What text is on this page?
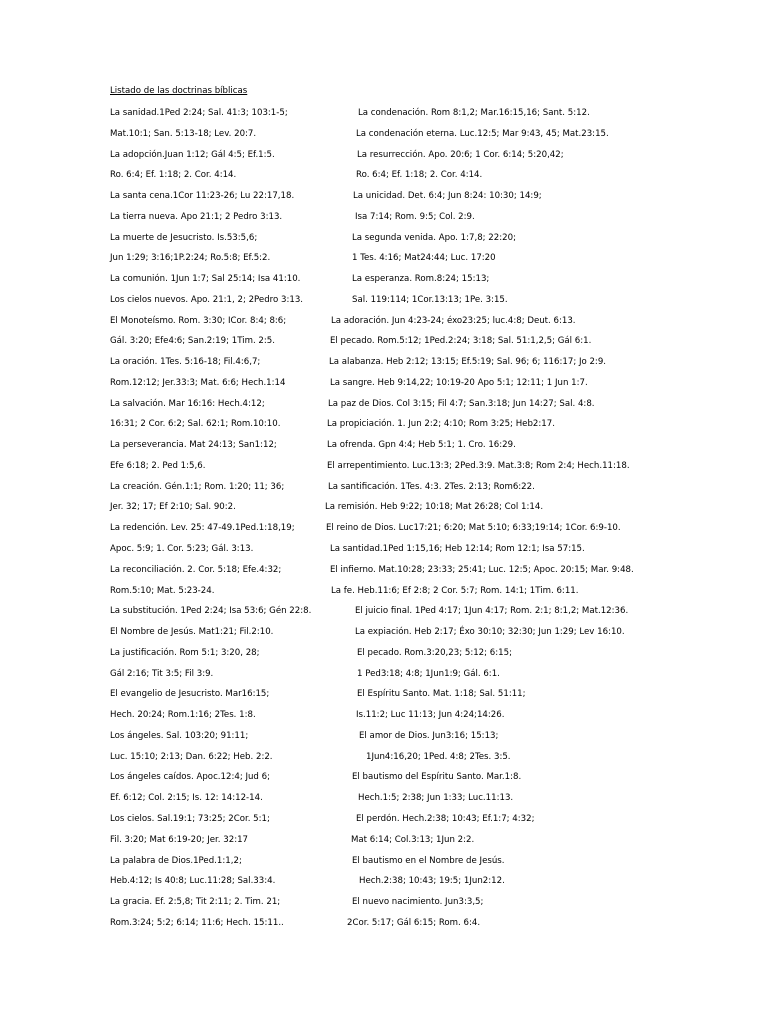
Listado de las doctrinas bíblicas
La sanidad.1Ped 2:24; Sal. 41:3; 103:1-5;
Mat.10:1; San. 5:13-18; Lev. 20:7.
La adopción.Juan 1:12; Gál 4:5; Ef.1:5.
Ro. 6:4; Ef. 1:18; 2. Cor. 4:14.
La santa cena.1Cor 11:23-26; Lu 22:17,18.
La tierra nueva. Apo 21:1; 2 Pedro 3:13.
La muerte de Jesucristo. Is.53:5,6;
Jun 1:29; 3:16;1P.2:24; Ro.5:8; Ef.5:2.
La comunión. 1Jun 1:7; Sal 25:14; Isa 41:10.
Los cielos nuevos. Apo. 21:1, 2; 2Pedro 3:13.
El Monoteísmo. Rom. 3:30; ICor. 8:4; 8:6;
Gál. 3:20; Efe4:6; San.2:19; 1Tim. 2:5.
La oración. 1Tes. 5:16-18; Fil.4:6,7;
Rom.12:12; Jer.33:3; Mat. 6:6; Hech.1:14
La salvación. Mar 16:16: Hech.4:12;
16:31; 2 Cor. 6:2; Sal. 62:1; Rom.10:10.
La perseverancia. Mat 24:13; San1:12;
Efe 6:18; 2. Ped 1:5,6.
La creación. Gén.1:1; Rom. 1:20; 11; 36;
Jer. 32; 17; Ef 2:10; Sal. 90:2.
La redención. Lev. 25: 47-49.1Ped.1:18,19;
Apoc. 5:9; 1. Cor. 5:23; Gál. 3:13.
La reconciliación. 2. Cor. 5:18; Efe.4:32;
Rom.5:10; Mat. 5:23-24.
La substitución. 1Ped 2:24; Isa 53:6; Gén 22:8.
El Nombre de Jesús. Mat1:21; Fil.2:10.
La justificación. Rom 5:1; 3:20, 28;
Gál 2:16; Tit 3:5; Fil 3:9.
El evangelio de Jesucristo. Mar16:15;
Hech. 20:24; Rom.1:16; 2Tes. 1:8.
Los ángeles. Sal. 103:20; 91:11;
Luc. 15:10; 2:13; Dan. 6:22; Heb. 2:2.
Los ángeles caídos. Apoc.12:4; Jud 6;
Ef. 6:12; Col. 2:15; Is. 12: 14:12-14.
Los cielos. Sal.19:1; 73:25; 2Cor. 5:1;
Fil. 3:20; Mat 6:19-20; Jer. 32:17
La palabra de Dios.1Ped.1:1,2;
Heb.4:12; Is 40:8; Luc.11:28; Sal.33:4.
La gracia. Ef. 2:5,8; Tit 2:11; 2. Tim. 21;
Rom.3:24; 5:2; 6:14; 11:6; Hech. 15:11..
La condenación. Rom 8:1,2; Mar.16:15,16; Sant. 5:12.
La condenación eterna. Luc.12:5; Mar 9:43, 45; Mat.23:15.
La resurrección. Apo. 20:6; 1 Cor. 6:14; 5:20,42;
Ro. 6:4; Ef. 1:18; 2. Cor. 4:14.
La unicidad. Det. 6:4; Jun 8:24: 10:30; 14:9;
Isa 7:14; Rom. 9:5; Col. 2:9.
La segunda venida. Apo. 1:7,8; 22:20;
1 Tes. 4:16; Mat24:44; Luc. 17:20
La esperanza. Rom.8:24; 15:13;
Sal. 119:114; 1Cor.13:13; 1Pe. 3:15.
La adoración. Jun 4:23-24; éxo23:25; luc.4:8; Deut. 6:13.
El pecado. Rom.5:12; 1Ped.2:24; 3:18; Sal. 51:1,2,5; Gál 6:1.
La alabanza. Heb 2:12; 13:15; Ef.5:19; Sal. 96; 6; 116:17; Jo 2:9.
La sangre. Heb 9:14,22; 10:19-20 Apo 5:1; 12:11; 1 Jun 1:7.
La paz de Dios. Col 3:15; Fil 4:7; San.3:18; Jun 14:27; Sal. 4:8.
La propiciación. 1. Jun 2:2; 4:10; Rom 3:25; Heb2:17.
La ofrenda. Gpn 4:4; Heb 5:1; 1. Cro. 16:29.
El arrepentimiento. Luc.13:3; 2Ped.3:9. Mat.3:8; Rom 2:4; Hech.11:18.
La santificación. 1Tes. 4:3. 2Tes. 2:13; Rom6:22.
La remisión. Heb 9:22; 10:18; Mat 26:28; Col 1:14.
El reino de Dios. Luc17:21; 6:20; Mat 5:10; 6:33;19:14; 1Cor. 6:9-10.
La santidad.1Ped 1:15,16; Heb 12:14; Rom 12:1; Isa 57:15.
El infierno. Mat.10:28; 23:33; 25:41; Luc. 12:5; Apoc. 20:15; Mar. 9:48.
La fe. Heb.11:6; Ef 2:8; 2 Cor. 5:7; Rom. 14:1; 1Tim. 6:11.
El juicio final. 1Ped 4:17; 1Jun 4:17; Rom. 2:1; 8:1,2; Mat.12:36.
La expiación. Heb 2:17; Éxo 30:10; 32:30; Jun 1:29; Lev 16:10.
El pecado. Rom.3:20,23; 5:12; 6:15;
1 Ped3:18; 4:8; 1Jun1:9; Gál. 6:1.
El Espíritu Santo. Mat. 1:18; Sal. 51:11;
Is.11:2; Luc 11:13; Jun 4:24;14:26.
El amor de Dios. Jun3:16; 15:13;
1Jun4:16,20; 1Ped. 4:8; 2Tes. 3:5.
El bautismo del Espíritu Santo. Mar.1:8.
Hech.1:5; 2:38; Jun 1:33; Luc.11:13.
El perdón. Hech.2:38; 10:43; Ef.1:7; 4:32;
Mat 6:14; Col.3:13; 1Jun 2:2.
El bautismo en el Nombre de Jesús.
Hech.2:38; 10:43; 19:5; 1Jun2:12.
El nuevo nacimiento. Jun3:3,5;
2Cor. 5:17; Gál 6:15; Rom. 6:4.
